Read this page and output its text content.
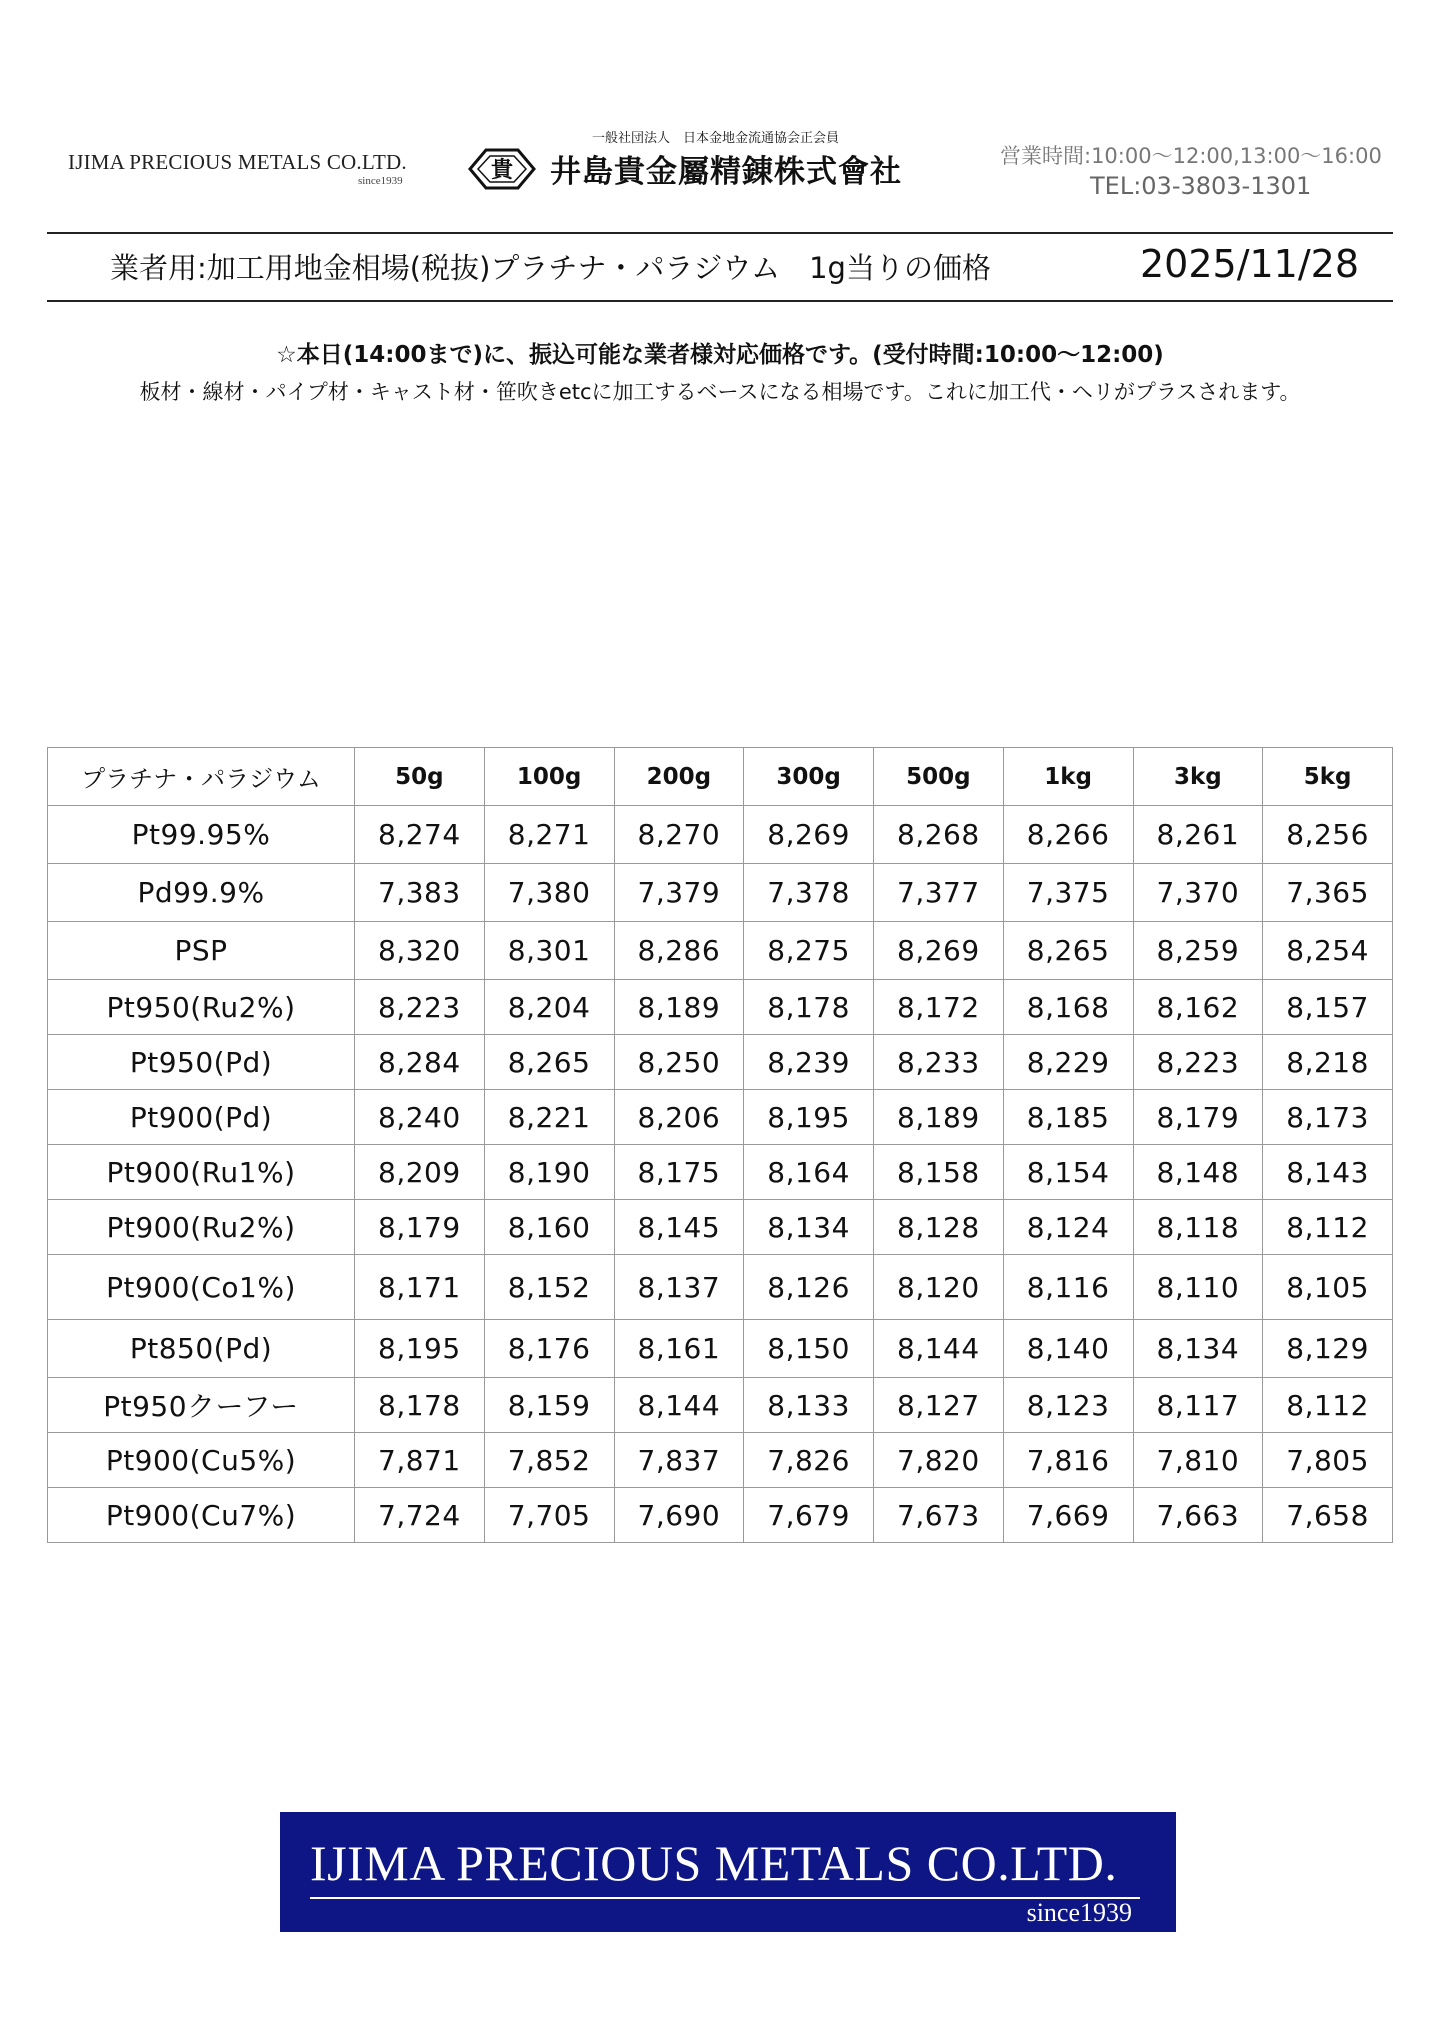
IJIMA PRECIOUS METALS CO.LTD.
since1939
一般社団法人　日本金地金流通協会正会員
貴 井島貴金屬精錬株式會社	営業時間:10:00〜12:00,13:00〜16:00
TEL:03-3803-1301
業者用:加工用地金相場(税抜)プラチナ・パラジウム　1g当りの価格	2025/11/28
☆本日(14:00まで)に、振込可能な業者様対応価格です。(受付時間:10:00〜12:00)
板材・線材・パイプ材・キャスト材・笹吹きetcに加工するベースになる相場です。これに加工代・ヘリがプラスされます。
プラチナ・パラジウム	50g	100g	200g	300g	500g	1kg	3kg	5kg
Pt99.95%	8,274	8,271	8,270	8,269	8,268	8,266	8,261	8,256
Pd99.9%	7,383	7,380	7,379	7,378	7,377	7,375	7,370	7,365
PSP	8,320	8,301	8,286	8,275	8,269	8,265	8,259	8,254
Pt950(Ru2%)	8,223	8,204	8,189	8,178	8,172	8,168	8,162	8,157
Pt950(Pd)	8,284	8,265	8,250	8,239	8,233	8,229	8,223	8,218
Pt900(Pd)	8,240	8,221	8,206	8,195	8,189	8,185	8,179	8,173
Pt900(Ru1%)	8,209	8,190	8,175	8,164	8,158	8,154	8,148	8,143
Pt900(Ru2%)	8,179	8,160	8,145	8,134	8,128	8,124	8,118	8,112
Pt900(Co1%)	8,171	8,152	8,137	8,126	8,120	8,116	8,110	8,105
Pt850(Pd)	8,195	8,176	8,161	8,150	8,144	8,140	8,134	8,129
Pt950クーフー	8,178	8,159	8,144	8,133	8,127	8,123	8,117	8,112
Pt900(Cu5%)	7,871	7,852	7,837	7,826	7,820	7,816	7,810	7,805
Pt900(Cu7%)	7,724	7,705	7,690	7,679	7,673	7,669	7,663	7,658
IJIMA PRECIOUS METALS CO.LTD.
since1939
